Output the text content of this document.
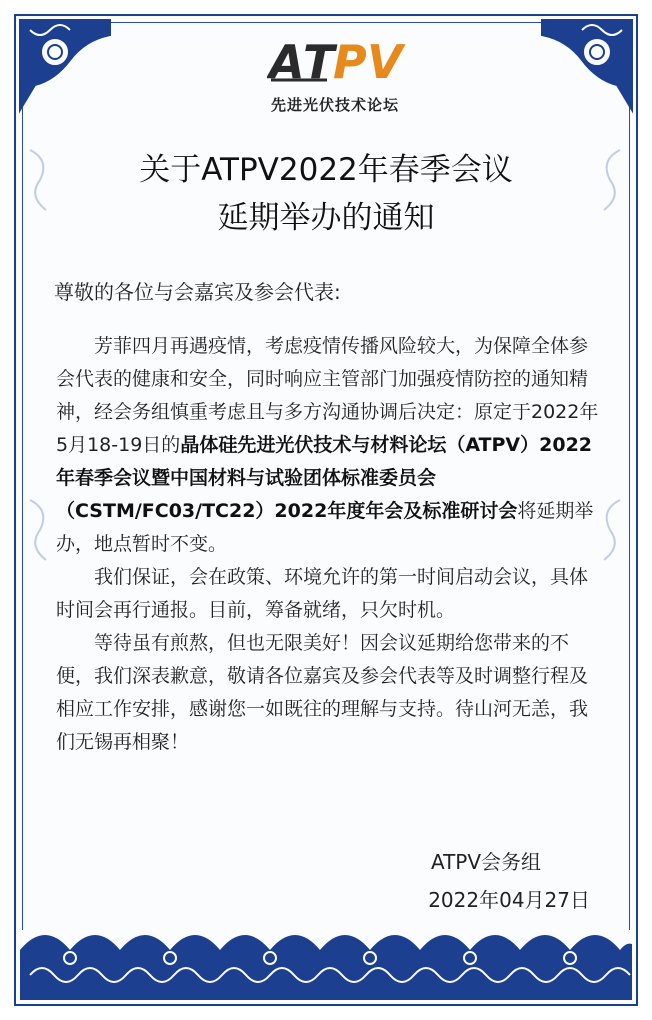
A
T
P V
先进光伏技术论坛
关于ATPV2022年春季会议
延期举办的通知
尊敬的各位与会嘉宾及参会代表:

芳菲四月再遇疫情，考虑疫情传播风险较大，为保障全体参会代表的健康和安全，同时响应主管部门加强疫情防控的通知精神，经会务组慎重考虑且与多方沟通协调后决定：原定于2022年5月18-19日的晶体硅先进光伏技术与材料论坛（ATPV）2022年春季会议暨中国材料与试验团体标准委员会（CSTM/FC03/TC22）2022年度年会及标准研讨会将延期举办，地点暂时不变。

我们保证，会在政策、环境允许的第一时间启动会议，具体时间会再行通报。目前，筹备就绪，只欠时机。

等待虽有煎熬，但也无限美好！因会议延期给您带来的不便，我们深表歉意，敬请各位嘉宾及参会代表等及时调整行程及相应工作安排，感谢您一如既往的理解与支持。待山河无恙，我们无锡再相聚！

ATPV会务组
2022年04月27日
